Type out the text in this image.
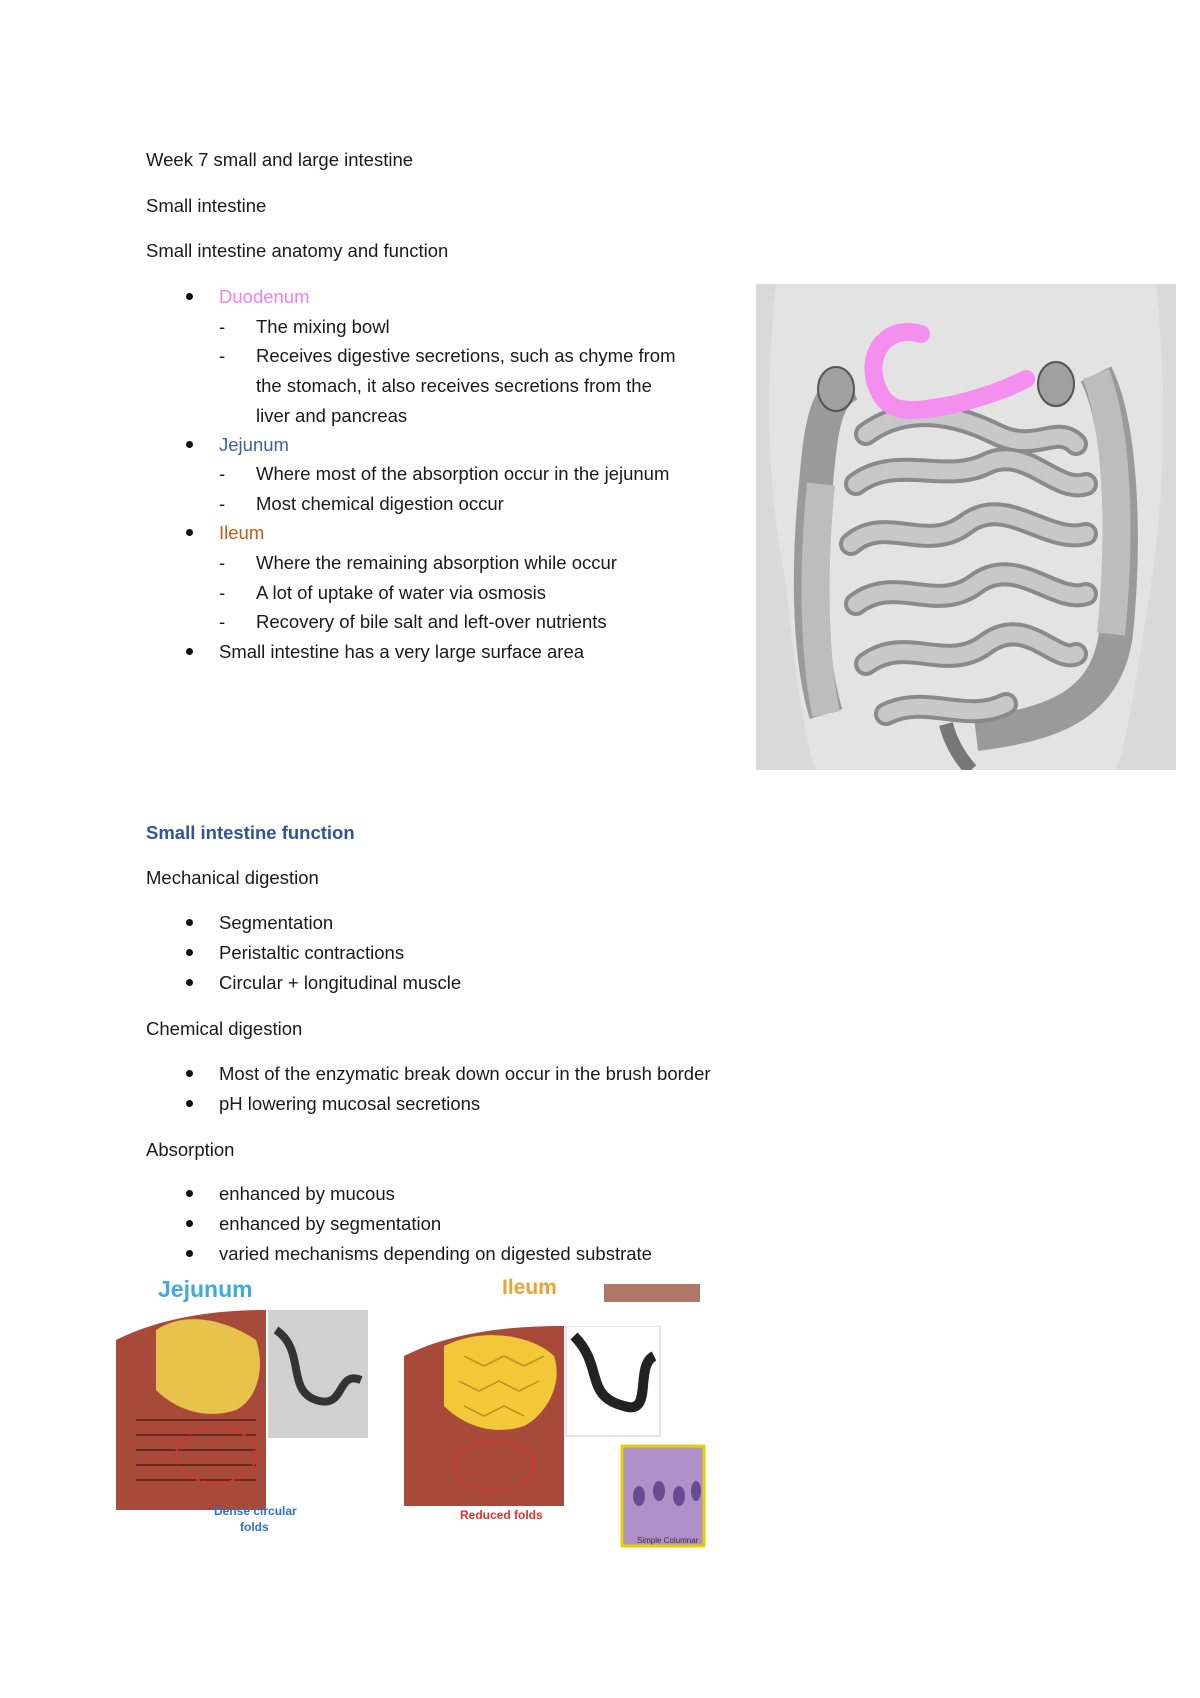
Week 7 small and large intestine
Small intestine
Small intestine anatomy and function
Duodenum
- The mixing bowl
- Receives digestive secretions, such as chyme from
the stomach, it also receives secretions from the
liver and pancreas
Jejunum
- Where most of the absorption occur in the jejunum
- Most chemical digestion occur
Ileum
- Where the remaining absorption while occur
- A lot of uptake of water via osmosis
- Recovery of bile salt and left-over nutrients
Small intestine has a very large surface area
Small intestine function
Mechanical digestion
Segmentation
Peristaltic contractions
Circular + longitudinal muscle
Chemical digestion
Most of the enzymatic break down occur in the brush border
pH lowering mucosal secretions
Absorption
enhanced by mucous
enhanced by segmentation
varied mechanisms depending on digested substrate
Jejunum
Dense circular
folds
Ileum
Reduced folds
Simple Columnar
